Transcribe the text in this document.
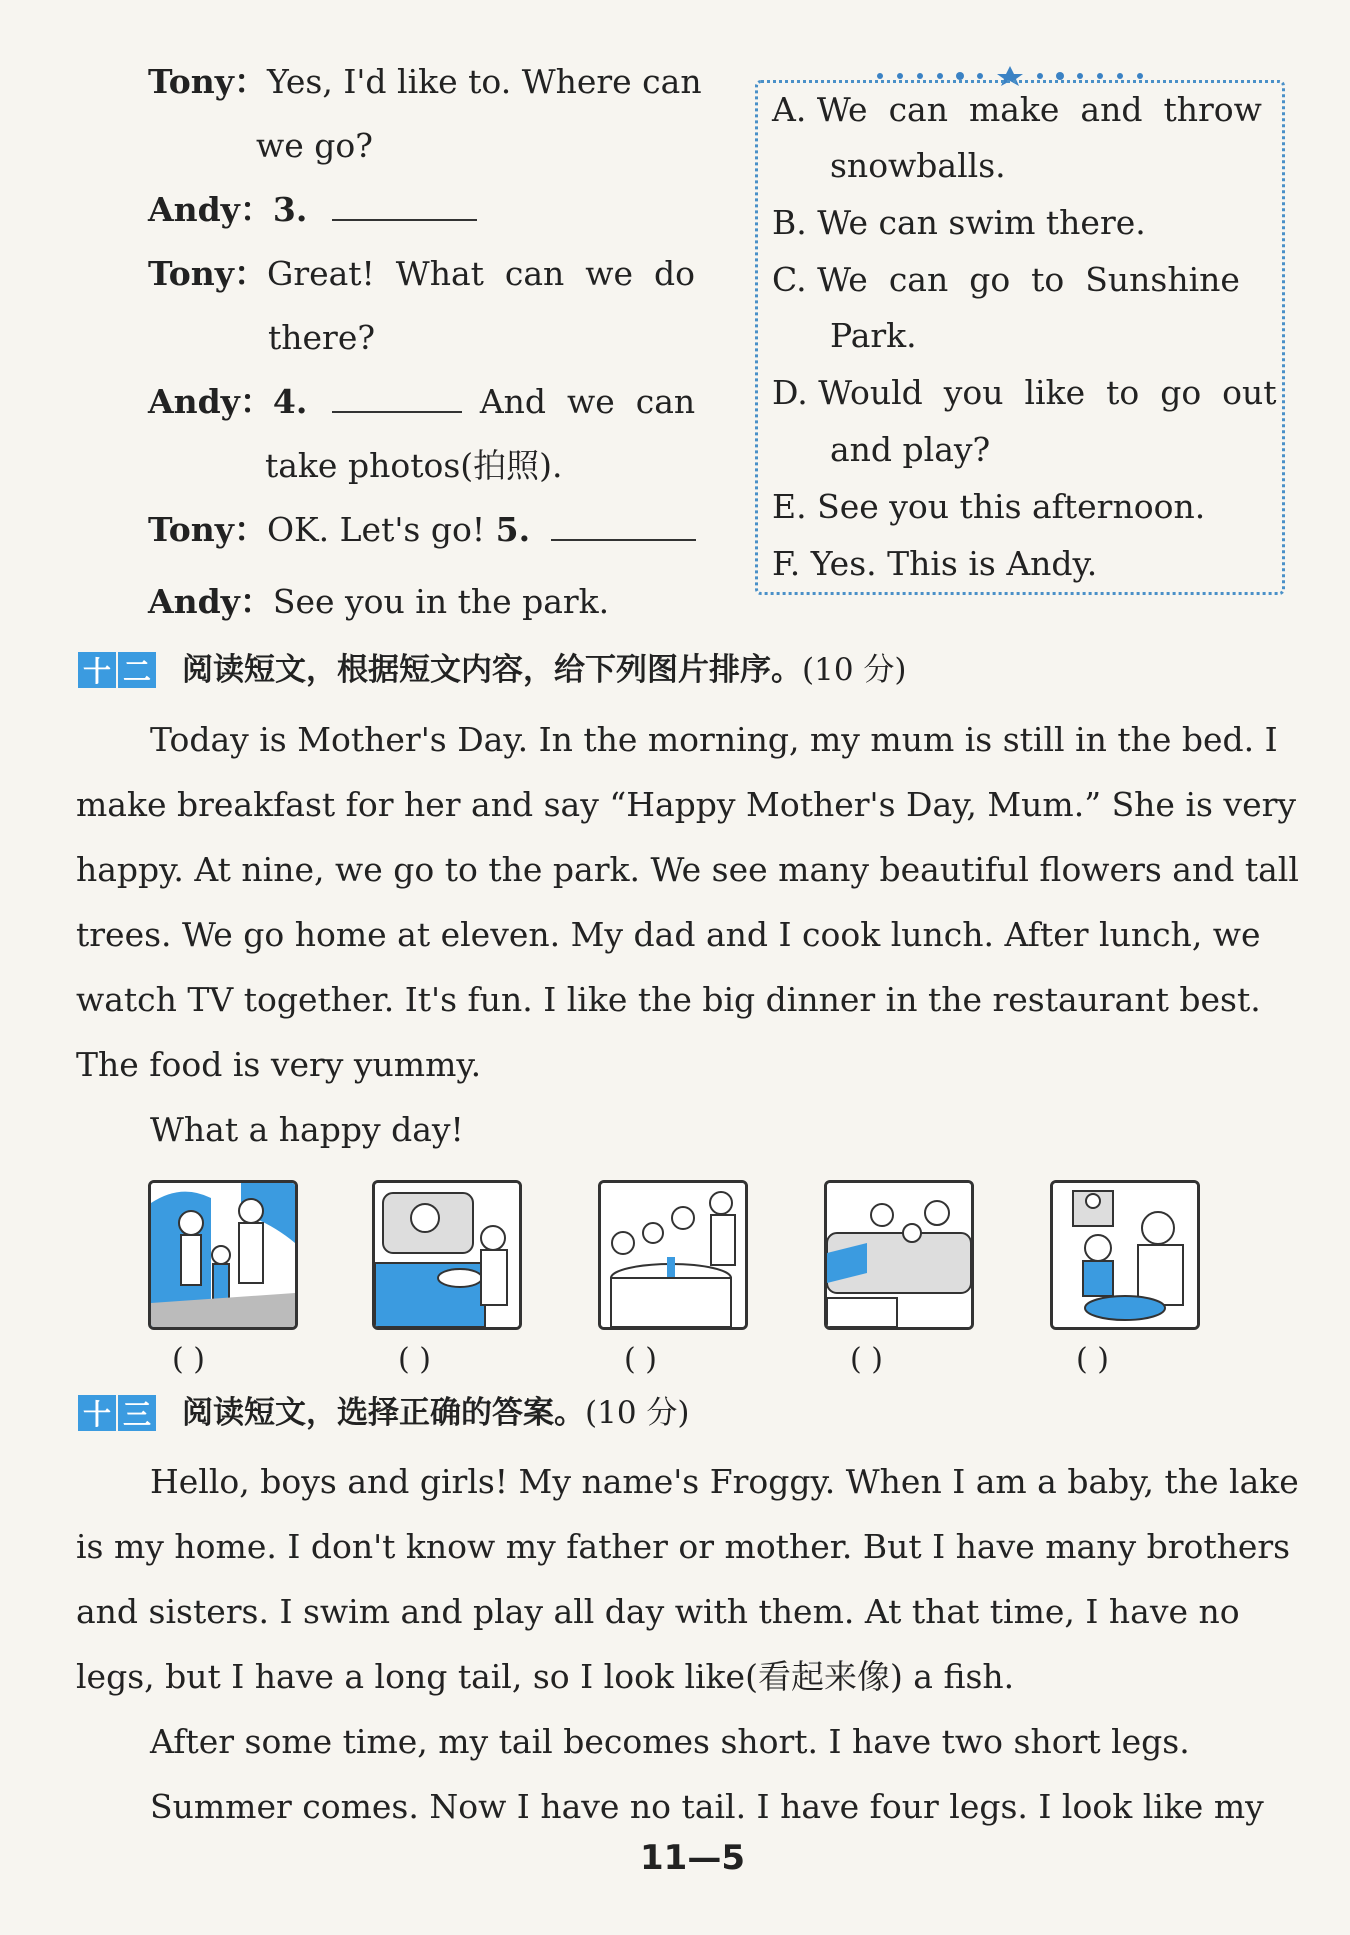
Tony：Yes, I'd like to. Where can
we go?
Andy：3.
Tony：Great!  What  can  we  do
there?
Andy：4.	And  we  can
take photos(拍照).
Tony：OK. Let's go! 5.
Andy：See you in the park.
A. We  can  make  and  throw
snowballs.
B. We can swim there.
C. We  can  go  to  Sunshine
Park.
D. Would  you  like  to  go  out
and play?
E. See you this afternoon.
F. Yes. This is Andy.
十 二 阅读短文，根据短文内容，给下列图片排序。(10 分)
Today is Mother's Day. In the morning, my mum is still in the bed. I
make breakfast for her and say “Happy Mother's Day, Mum.” She is very
happy. At nine, we go to the park. We see many beautiful flowers and tall
trees. We go home at eleven. My dad and I cook lunch. After lunch, we
watch TV together. It's fun. I like the big dinner in the restaurant best.
The food is very yummy.
What a happy day!
( )	( )	( )	( )	( )
十 三 阅读短文，选择正确的答案。(10 分)
Hello, boys and girls! My name's Froggy. When I am a baby, the lake
is my home. I don't know my father or mother. But I have many brothers
and sisters. I swim and play all day with them. At that time, I have no
legs, but I have a long tail, so I look like(看起来像) a fish.
After some time, my tail becomes short. I have two short legs.
Summer comes. Now I have no tail. I have four legs. I look like my
11—5
